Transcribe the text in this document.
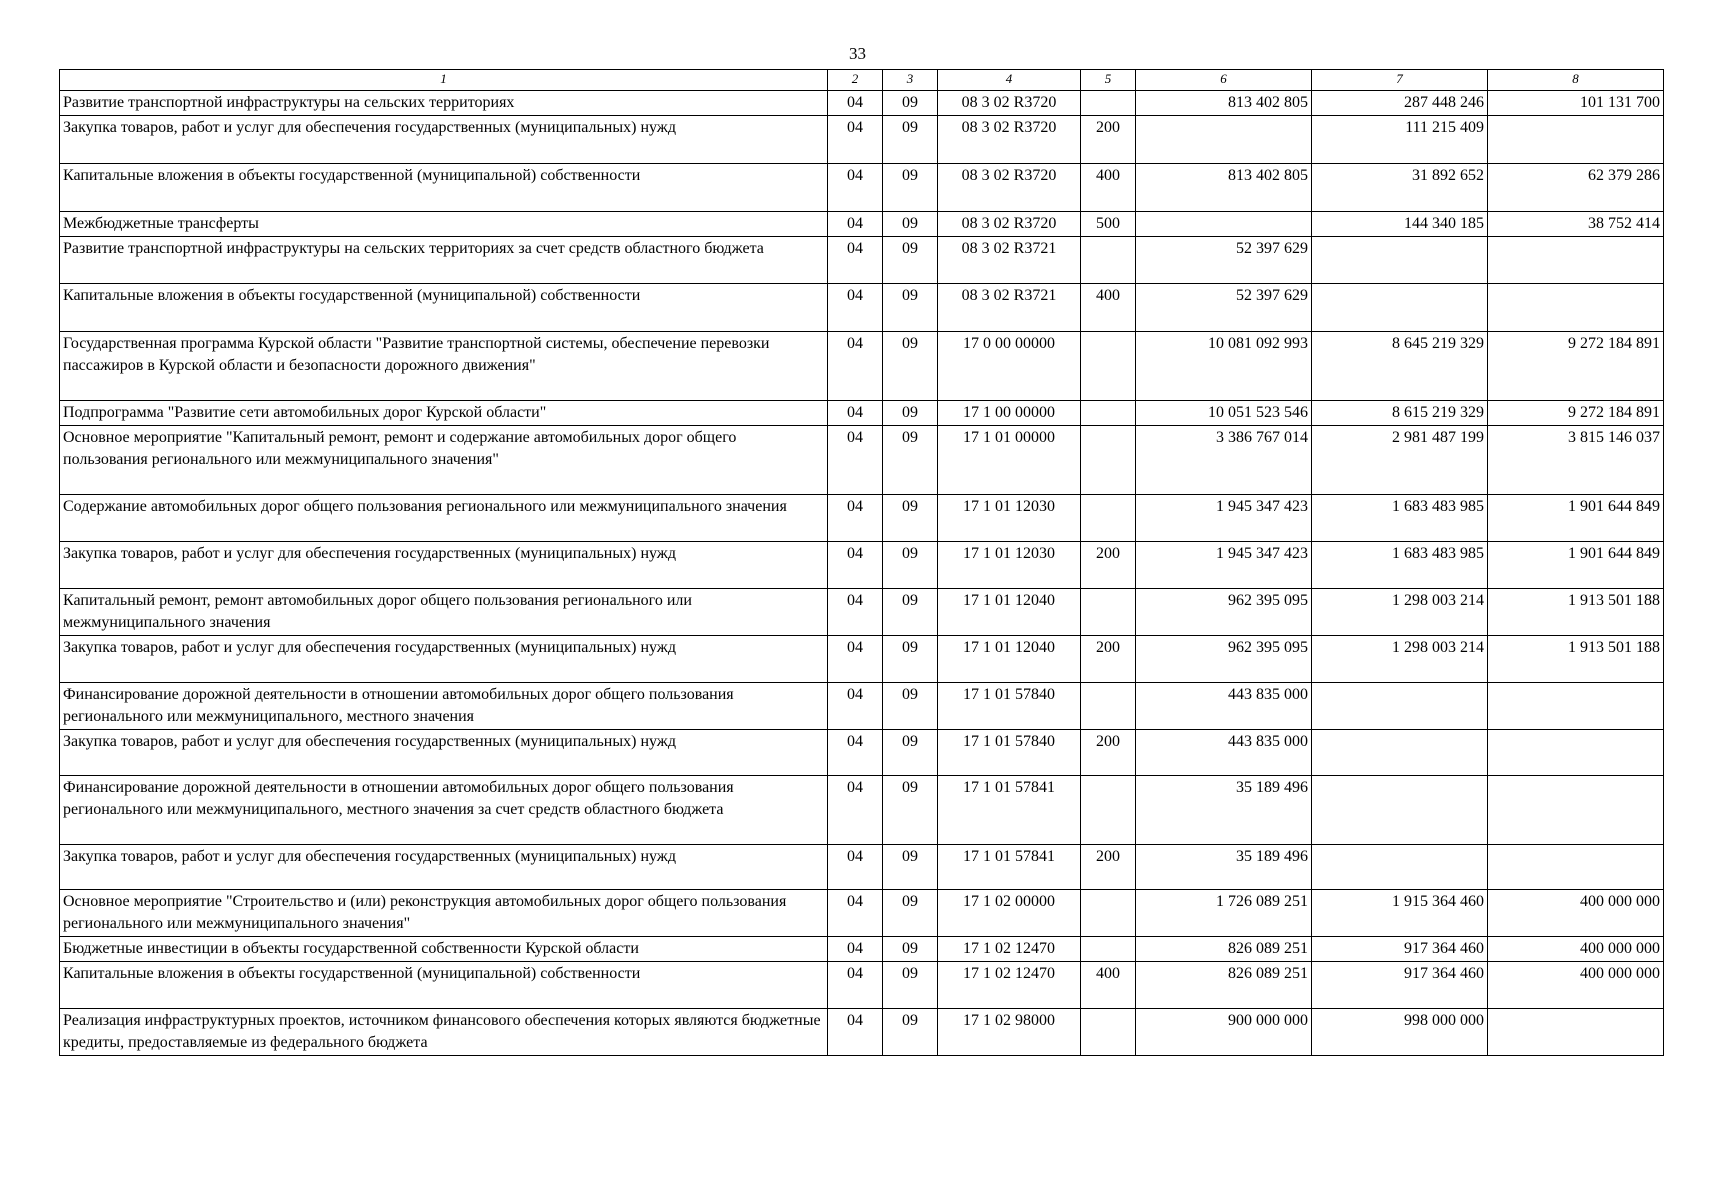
33
1	2	3	4	5	6	7	8
Развитие транспортной инфраструктуры на сельских территориях	04	09	08 3 02 R3720		813 402 805	287 448 246	101 131 700
Закупка товаров, работ и услуг для обеспечения государственных (муниципальных) нужд	04	09	08 3 02 R3720	200		111 215 409	
Капитальные вложения в объекты государственной (муниципальной) собственности	04	09	08 3 02 R3720	400	813 402 805	31 892 652	62 379 286
Межбюджетные трансферты	04	09	08 3 02 R3720	500		144 340 185	38 752 414
Развитие транспортной инфраструктуры на сельских территориях за счет средств областного бюджета	04	09	08 3 02 R3721		52 397 629		
Капитальные вложения в объекты государственной (муниципальной) собственности	04	09	08 3 02 R3721	400	52 397 629		
Государственная программа Курской области "Развитие транспортной системы, обеспечение перевозки пассажиров в Курской области и безопасности дорожного движения"	04	09	17 0 00 00000		10 081 092 993	8 645 219 329	9 272 184 891
Подпрограмма "Развитие сети автомобильных дорог Курской области"	04	09	17 1 00 00000		10 051 523 546	8 615 219 329	9 272 184 891
Основное мероприятие "Капитальный ремонт, ремонт и содержание автомобильных дорог общего пользования регионального или межмуниципального значения"	04	09	17 1 01 00000		3 386 767 014	2 981 487 199	3 815 146 037
Содержание автомобильных дорог общего пользования регионального или межмуниципального значения	04	09	17 1 01 12030		1 945 347 423	1 683 483 985	1 901 644 849
Закупка товаров, работ и услуг для обеспечения государственных (муниципальных) нужд	04	09	17 1 01 12030	200	1 945 347 423	1 683 483 985	1 901 644 849
Капитальный ремонт, ремонт автомобильных дорог общего пользования регионального или межмуниципального значения	04	09	17 1 01 12040		962 395 095	1 298 003 214	1 913 501 188
Закупка товаров, работ и услуг для обеспечения государственных (муниципальных) нужд	04	09	17 1 01 12040	200	962 395 095	1 298 003 214	1 913 501 188
Финансирование дорожной деятельности в отношении автомобильных дорог общего пользования регионального или межмуниципального, местного значения	04	09	17 1 01 57840		443 835 000		
Закупка товаров, работ и услуг для обеспечения государственных (муниципальных) нужд	04	09	17 1 01 57840	200	443 835 000		
Финансирование дорожной деятельности в отношении автомобильных дорог общего пользования регионального или межмуниципального, местного значения за счет средств областного бюджета	04	09	17 1 01 57841		35 189 496		
Закупка товаров, работ и услуг для обеспечения государственных (муниципальных) нужд	04	09	17 1 01 57841	200	35 189 496		
Основное мероприятие "Строительство и (или) реконструкция автомобильных дорог общего пользования регионального или межмуниципального значения"	04	09	17 1 02 00000		1 726 089 251	1 915 364 460	400 000 000
Бюджетные инвестиции в объекты государственной собственности Курской области	04	09	17 1 02 12470		826 089 251	917 364 460	400 000 000
Капитальные вложения в объекты государственной (муниципальной) собственности	04	09	17 1 02 12470	400	826 089 251	917 364 460	400 000 000
Реализация инфраструктурных проектов, источником финансового обеспечения которых являются бюджетные кредиты, предоставляемые из федерального бюджета	04	09	17 1 02 98000		900 000 000	998 000 000	
